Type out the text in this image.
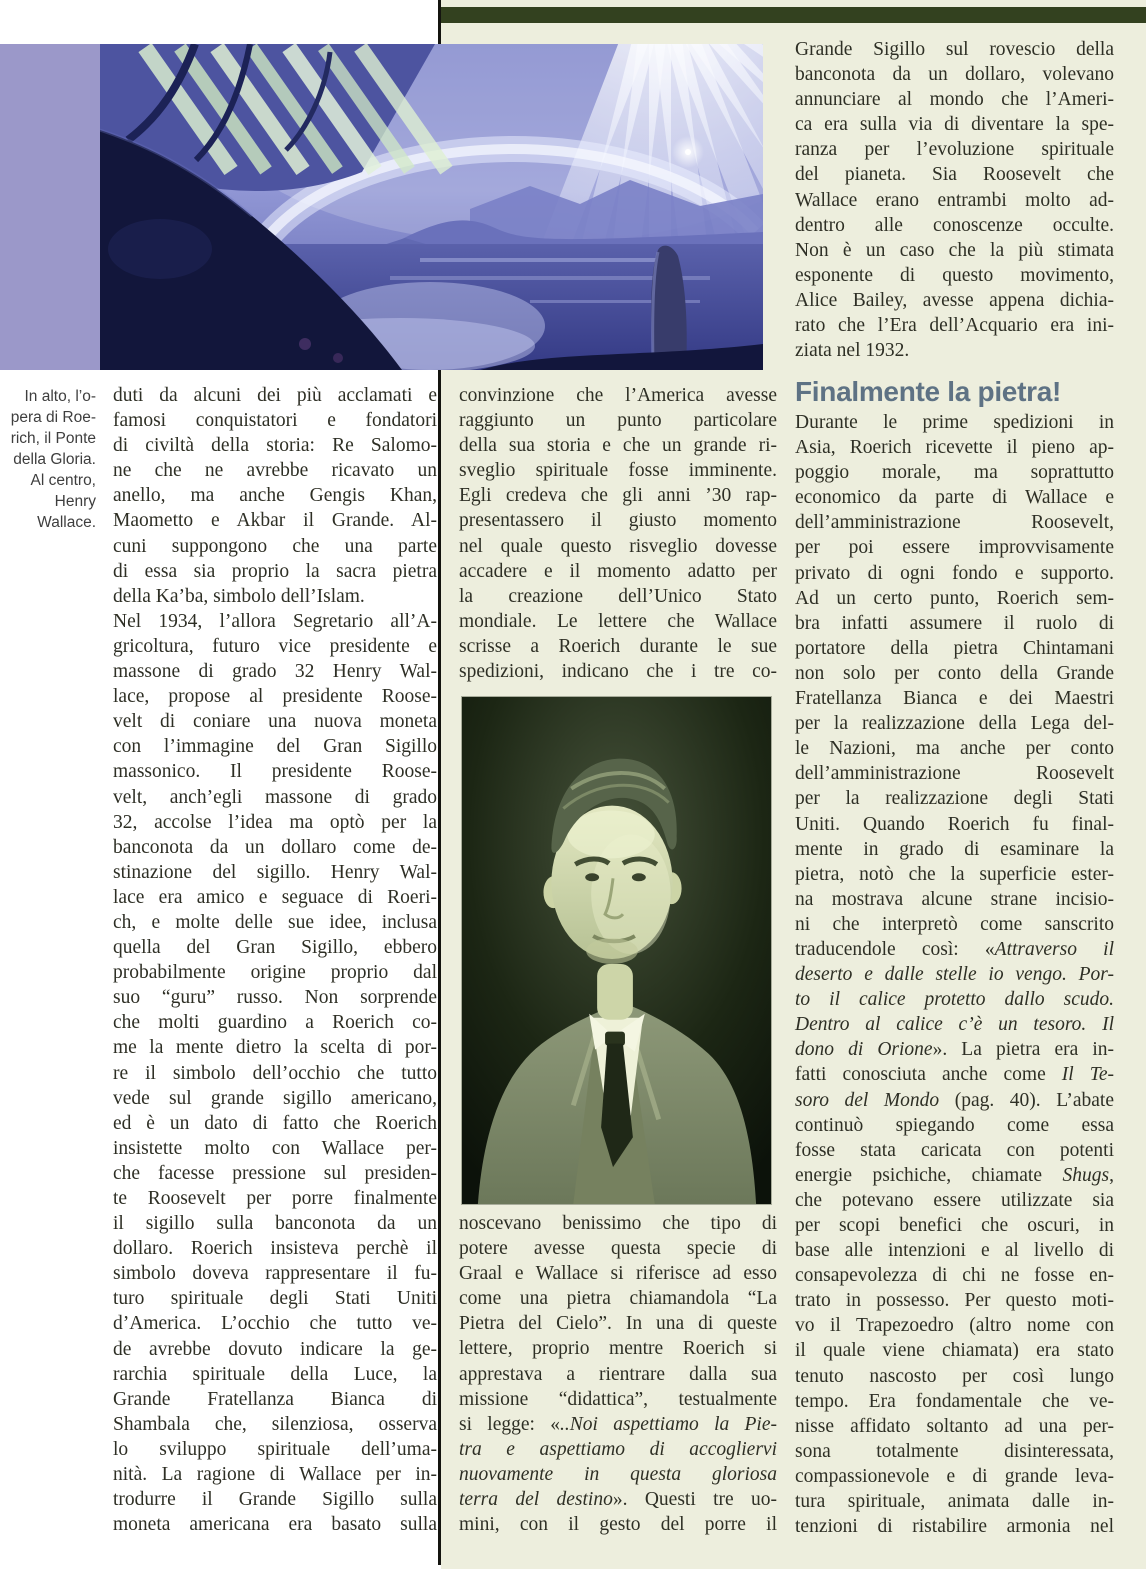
In alto, l’o-
pera di Roe-
rich, il Ponte
della Gloria.
Al centro,
Henry
Wallace.
duti da alcuni dei più acclamati e
famosi conquistatori e fondatori
di civiltà della storia: Re Salomo-
ne che ne avrebbe ricavato un
anello, ma anche Gengis Khan,
Maometto e Akbar il Grande. Al-
cuni suppongono che una parte
di essa sia proprio la sacra pietra
della Ka’ba, simbolo dell’Islam.
Nel 1934, l’allora Segretario all’A-
gricoltura, futuro vice presidente e
massone di grado 32 Henry Wal-
lace, propose al presidente Roose-
velt di coniare una nuova moneta
con l’immagine del Gran Sigillo
massonico. Il presidente Roose-
velt, anch’egli massone di grado
32, accolse l’idea ma optò per la
banconota da un dollaro come de-
stinazione del sigillo. Henry Wal-
lace era amico e seguace di Roeri-
ch, e molte delle sue idee, inclusa
quella del Gran Sigillo, ebbero
probabilmente origine proprio dal
suo “guru” russo. Non sorprende
che molti guardino a Roerich co-
me la mente dietro la scelta di por-
re il simbolo dell’occhio che tutto
vede sul grande sigillo americano,
ed è un dato di fatto che Roerich
insistette molto con Wallace per-
che facesse pressione sul presiden-
te Roosevelt per porre finalmente
il sigillo sulla banconota da un
dollaro. Roerich insisteva perchè il
simbolo doveva rappresentare il fu-
turo spirituale degli Stati Uniti
d’America. L’occhio che tutto ve-
de avrebbe dovuto indicare la ge-
rarchia spirituale della Luce, la
Grande Fratellanza Bianca di
Shambala che, silenziosa, osserva
lo sviluppo spirituale dell’uma-
nità. La ragione di Wallace per in-
trodurre il Grande Sigillo sulla
moneta americana era basato sulla
convinzione che l’America avesse
raggiunto un punto particolare
della sua storia e che un grande ri-
sveglio spirituale fosse imminente.
Egli credeva che gli anni ’30 rap-
presentassero il giusto momento
nel quale questo risveglio dovesse
accadere e il momento adatto per
la creazione dell’Unico Stato
mondiale. Le lettere che Wallace
scrisse a Roerich durante le sue
spedizioni, indicano che i tre co-
noscevano benissimo che tipo di
potere avesse questa specie di
Graal e Wallace si riferisce ad esso
come una pietra chiamandola “La
Pietra del Cielo”. In una di queste
lettere, proprio mentre Roerich si
apprestava a rientrare dalla sua
missione “didattica”, testualmente
si legge: «..Noi aspettiamo la Pie-
tra e aspettiamo di accogliervi
nuovamente in questa gloriosa
terra del destino». Questi tre uo-
mini, con il gesto del porre il
Grande Sigillo sul rovescio della
banconota da un dollaro, volevano
annunciare al mondo che l’Ameri-
ca era sulla via di diventare la spe-
ranza per l’evoluzione spirituale
del pianeta. Sia Roosevelt che
Wallace erano entrambi molto ad-
dentro alle conoscenze occulte.
Non è un caso che la più stimata
esponente di questo movimento,
Alice Bailey, avesse appena dichia-
rato che l’Era dell’Acquario era ini-
ziata nel 1932.
Finalmente la pietra!
Durante le prime spedizioni in
Asia, Roerich ricevette il pieno ap-
poggio morale, ma soprattutto
economico da parte di Wallace e
dell’amministrazione Roosevelt,
per poi essere improvvisamente
privato di ogni fondo e supporto.
Ad un certo punto, Roerich sem-
bra infatti assumere il ruolo di
portatore della pietra Chintamani
non solo per conto della Grande
Fratellanza Bianca e dei Maestri
per la realizzazione della Lega del-
le Nazioni, ma anche per conto
dell’amministrazione Roosevelt
per la realizzazione degli Stati
Uniti. Quando Roerich fu final-
mente in grado di esaminare la
pietra, notò che la superficie ester-
na mostrava alcune strane incisio-
ni che interpretò come sanscrito
traducendole così: «Attraverso il
deserto e dalle stelle io vengo. Por-
to il calice protetto dallo scudo.
Dentro al calice c’è un tesoro. Il
dono di Orione». La pietra era in-
fatti conosciuta anche come Il Te-
soro del Mondo (pag. 40). L’abate
continuò spiegando come essa
fosse stata caricata con potenti
energie psichiche, chiamate Shugs,
che potevano essere utilizzate sia
per scopi benefici che oscuri, in
base alle intenzioni e al livello di
consapevolezza di chi ne fosse en-
trato in possesso. Per questo moti-
vo il Trapezoedro (altro nome con
il quale viene chiamata) era stato
tenuto nascosto per così lungo
tempo. Era fondamentale che ve-
nisse affidato soltanto ad una per-
sona totalmente disinteressata,
compassionevole e di grande leva-
tura spirituale, animata dalle in-
tenzioni di ristabilire armonia nel
